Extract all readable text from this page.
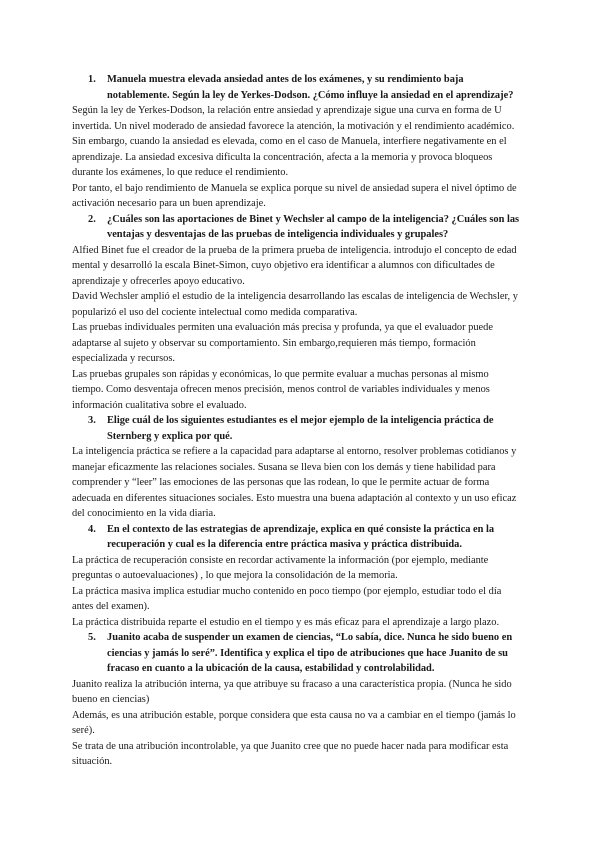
1.	Manuela muestra elevada ansiedad antes de los exámenes, y su rendimiento baja notablemente. Según la ley de Yerkes-Dodson. ¿Cómo influye la ansiedad en el aprendizaje?

Según la ley de Yerkes-Dodson, la relación entre ansiedad y aprendizaje sigue una curva en forma de U invertida. Un nivel moderado de ansiedad favorece la atención, la motivación y el rendimiento académico.

Sin embargo, cuando la ansiedad es elevada, como en el caso de Manuela, interfiere negativamente en el aprendizaje. La ansiedad excesiva dificulta la concentración, afecta a la memoria y provoca bloqueos durante los exámenes, lo que reduce el rendimiento.

Por tanto, el bajo rendimiento de Manuela se explica porque su nivel de ansiedad supera el nivel óptimo de activación necesario para un buen aprendizaje.

2.	¿Cuáles son las aportaciones de Binet y Wechsler al campo de la inteligencia? ¿Cuáles son las ventajas y desventajas de las pruebas de inteligencia individuales y grupales?

Alfied Binet fue el creador de la prueba de la primera prueba de inteligencia. introdujo el concepto de edad mental y desarrolló la escala Binet-Simon, cuyo objetivo era identificar a alumnos con dificultades de aprendizaje y ofrecerles apoyo educativo.

David Wechsler amplió el estudio de la inteligencia desarrollando las escalas de inteligencia de Wechsler, y popularizó el uso del cociente intelectual como medida comparativa.

Las pruebas individuales permiten una evaluación más precisa y profunda, ya que el evaluador puede adaptarse al sujeto y observar su comportamiento. Sin embargo,requieren más tiempo, formación especializada y recursos.

Las pruebas grupales son rápidas y económicas, lo que permite evaluar a muchas personas al mismo tiempo. Como desventaja ofrecen menos precisión, menos control de variables individuales y menos información cualitativa sobre el evaluado.

3.	Elige cuál de los siguientes estudiantes es el mejor ejemplo de la inteligencia práctica de Sternberg y explica por qué.

La inteligencia práctica se refiere a la capacidad para adaptarse al entorno, resolver problemas cotidianos y manejar eficazmente las relaciones sociales. Susana se lleva bien con los demás y tiene habilidad para comprender y “leer” las emociones de las personas que las rodean, lo que le permite actuar de forma adecuada en diferentes situaciones sociales. Esto muestra una buena adaptación al contexto y un uso eficaz del conocimiento en la vida diaria.

4.	En el contexto de las estrategias de aprendizaje, explica en qué consiste la práctica en la recuperación y cual es la diferencia entre práctica masiva y práctica distribuida.

La práctica de recuperación consiste en recordar activamente la información (por ejemplo, mediante preguntas o autoevaluaciones) , lo que mejora la consolidación de la memoria.

La práctica masiva implica estudiar mucho contenido en poco tiempo (por ejemplo, estudiar todo el día antes del examen).

La práctica distribuida reparte el estudio en el tiempo y es más eficaz para el aprendizaje a largo plazo.

5.	Juanito acaba de suspender un examen de ciencias, “Lo sabía, dice. Nunca he sido bueno en ciencias y jamás lo seré”. Identifica y explica el tipo de atribuciones que hace Juanito de su fracaso en cuanto a la ubicación de la causa, estabilidad y controlabilidad.

Juanito realiza la atribución interna, ya que atribuye su fracaso a una característica propia. (Nunca he sido bueno en ciencias)

Además, es una atribución estable, porque considera que esta causa no va a cambiar en el tiempo (jamás lo seré).

Se trata de una atribución incontrolable, ya que Juanito cree que no puede hacer nada para modificar esta situación.
